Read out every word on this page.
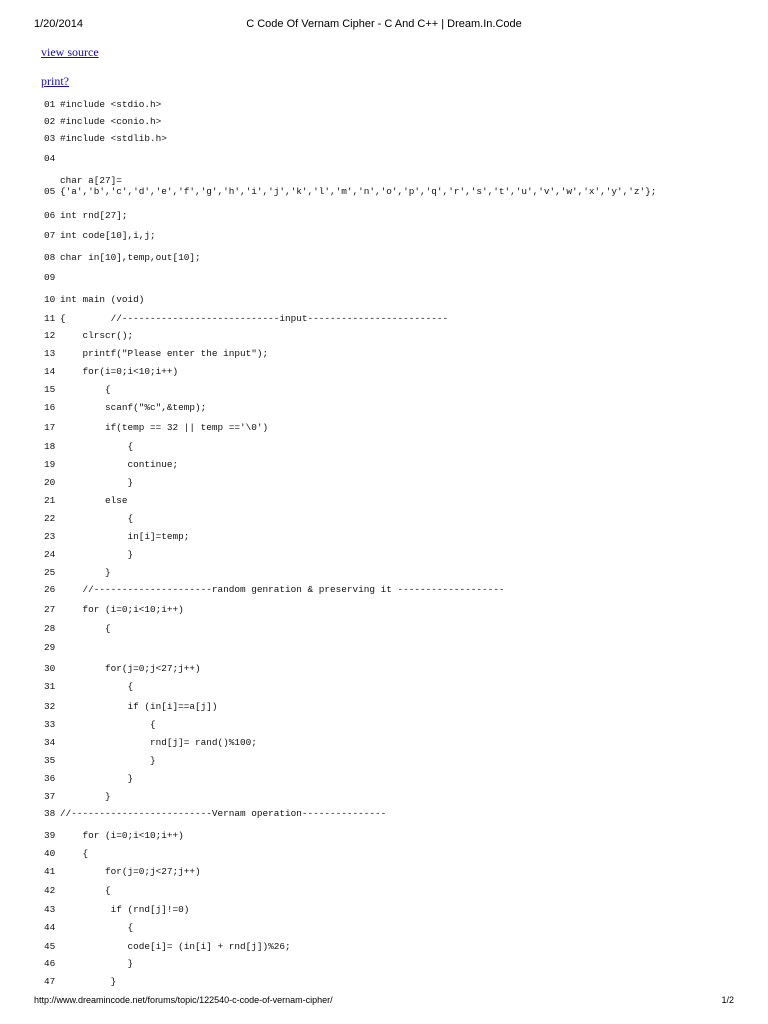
1/20/2014	C Code Of Vernam Cipher - C And C++ | Dream.In.Code
view source
print?
01 #include <stdio.h>
02 #include <conio.h>
03 #include <stdlib.h>
04
05char a[27]=
{'a','b','c','d','e','f','g','h','i','j','k','l','m','n','o','p','q','r','s','t','u','v','w','x','y','z'};
06 int rnd[27];
07 int code[10],i,j;
08 char in[10],temp,out[10];
09
10 int main (void)
11 {        //----------------------------input-------------------------
12    clrscr();
13    printf("Please enter the input");
14    for(i=0;i<10;i++)
15        {
16        scanf("%c",&temp);
17        if(temp == 32 || temp =='\0')
18            {
19            continue;
20            }
21        else
22            {
23            in[i]=temp;
24            }
25        }
26    //---------------------random genration & preserving it -------------------
27    for (i=0;i<10;i++)
28        {
29
30        for(j=0;j<27;j++)
31            {
32            if (in[i]==a[j])
33                {
34                rnd[j]= rand()%100;
35                }
36            }
37        }
38 //-------------------------Vernam operation---------------
39    for (i=0;i<10;i++)
40    {
41        for(j=0;j<27;j++)
42        {
43         if (rnd[j]!=0)
44            {
45            code[i]= (in[i] + rnd[j])%26;
46            }
47         }
http://www.dreamincode.net/forums/topic/122540-c-code-of-vernam-cipher/	1/2
